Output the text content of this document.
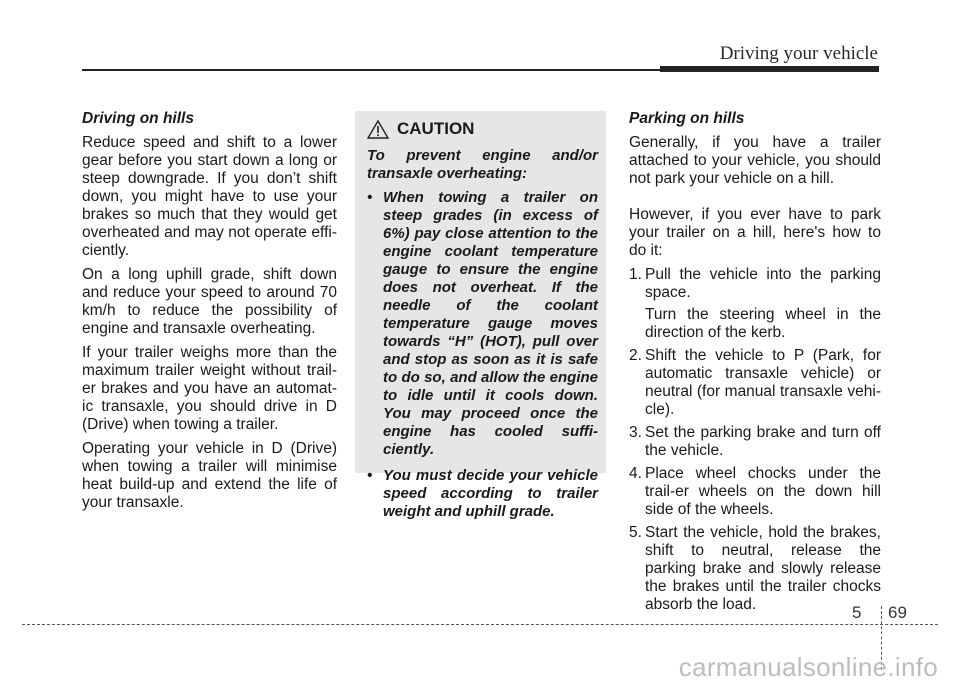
Driving your vehicle
Driving on hills

Reduce speed and shift to a lower gear before you start down a long or steep downgrade. If you don’t shift down, you might have to use your brakes so much that they would get overheated and may not operate effi-ciently.

On a long uphill grade, shift down and reduce your speed to around 70 km/h to reduce the possibility of engine and transaxle overheating.

If your trailer weighs more than the maximum trailer weight without trail-er brakes and you have an automat-ic transaxle, you should drive in D (Drive) when towing a trailer.

Operating your vehicle in D (Drive) when towing a trailer will minimise heat build-up and extend the life of your transaxle.

CAUTION

To prevent engine and/or transaxle overheating:

• When towing a trailer on steep grades (in excess of 6%) pay close attention to the engine coolant temperature gauge to ensure the engine does not overheat. If the needle of the coolant temperature gauge moves towards “H” (HOT), pull over and stop as soon as it is safe to do so, and allow the engine to idle until it cools down. You may proceed once the engine has cooled suffi-ciently.
• You must decide your vehicle speed according to trailer weight and uphill grade.
Parking on hills

Generally, if you have a trailer attached to your vehicle, you should not park your vehicle on a hill.

However, if you ever have to park your trailer on a hill, here's how to do it:

1. Pull the vehicle into the parking space.
Turn the steering wheel in the direction of the kerb.
2. Shift the vehicle to P (Park, for automatic transaxle vehicle) or neutral (for manual transaxle vehi-cle).
3. Set the parking brake and turn off the vehicle.
4. Place wheel chocks under the trail-er wheels on the down hill side of the wheels.
5. Start the vehicle, hold the brakes, shift to neutral, release the parking brake and slowly release the brakes until the trailer chocks absorb the load.	5 69
carmanualsonline.info
